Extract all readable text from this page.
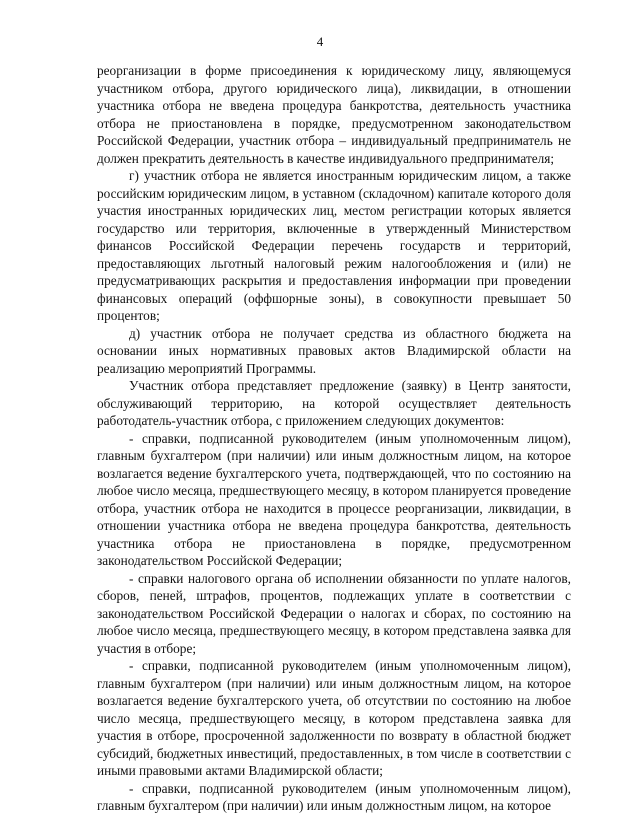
4

реорганизации в форме присоединения к юридическому лицу, являющемуся участником отбора, другого юридического лица), ликвидации, в отношении участника отбора не введена процедура банкротства, деятельность участника отбора не приостановлена в порядке, предусмотренном законодательством Российской Федерации, участник отбора – индивидуальный предприниматель не должен прекратить деятельность в качестве индивидуального предпринимателя;

г) участник отбора не является иностранным юридическим лицом, а также российским юридическим лицом, в уставном (складочном) капитале которого доля участия иностранных юридических лиц, местом регистрации которых является государство или территория, включенные в утвержденный Министерством финансов Российской Федерации перечень государств и территорий, предоставляющих льготный налоговый режим налогообложения и (или) не предусматривающих раскрытия и предоставления информации при проведении финансовых операций (оффшорные зоны), в совокупности превышает 50 процентов;

д) участник отбора не получает средства из областного бюджета на основании иных нормативных правовых актов Владимирской области на реализацию мероприятий Программы.

Участник отбора представляет предложение (заявку) в Центр занятости, обслуживающий территорию, на которой осуществляет деятельность работодатель-участник отбора, с приложением следующих документов:

- справки, подписанной руководителем (иным уполномоченным лицом), главным бухгалтером (при наличии) или иным должностным лицом, на которое возлагается ведение бухгалтерского учета, подтверждающей, что по состоянию на любое число месяца, предшествующего месяцу, в котором планируется проведение отбора, участник отбора не находится в процессе реорганизации, ликвидации, в отношении участника отбора не введена процедура банкротства, деятельность участника отбора не приостановлена в порядке, предусмотренном законодательством Российской Федерации;

- справки налогового органа об исполнении обязанности по уплате налогов, сборов, пеней, штрафов, процентов, подлежащих уплате в соответствии с законодательством Российской Федерации о налогах и сборах, по состоянию на любое число месяца, предшествующего месяцу, в котором представлена заявка для участия в отборе;

- справки, подписанной руководителем (иным уполномоченным лицом), главным бухгалтером (при наличии) или иным должностным лицом, на которое возлагается ведение бухгалтерского учета, об отсутствии по состоянию на любое число месяца, предшествующего месяцу, в котором представлена заявка для участия в отборе, просроченной задолженности по возврату в областной бюджет субсидий, бюджетных инвестиций, предоставленных, в том числе в соответствии с иными правовыми актами Владимирской области;

- справки, подписанной руководителем (иным уполномоченным лицом), главным бухгалтером (при наличии) или иным должностным лицом, на которое
